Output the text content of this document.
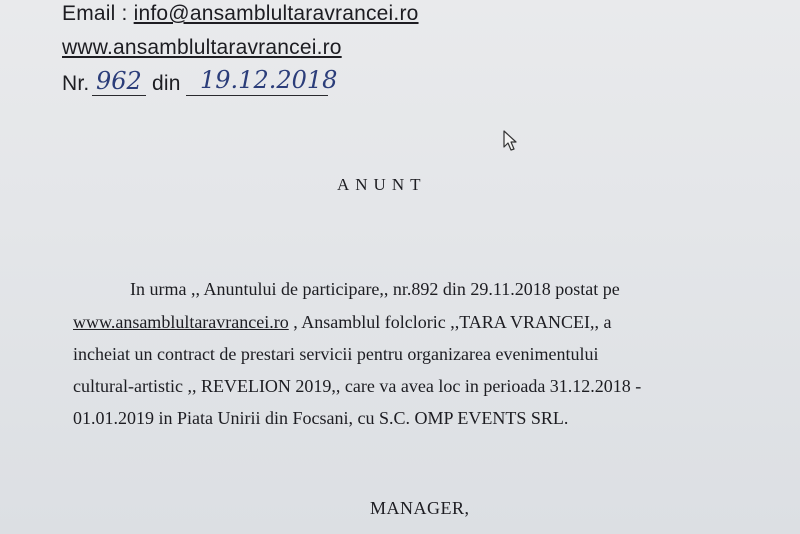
Email : info@ansamblultaravrancei.ro
www.ansamblultaravrancei.ro
Nr. 962 din 19.12.2018
ANUNT
In urma ,, Anuntului de participare,, nr.892 din 29.11.2018 postat pe
www.ansamblultaravrancei.ro , Ansamblul folcloric ,,TARA VRANCEI,, a
incheiat un contract de prestari servicii pentru organizarea evenimentului
cultural-artistic ,, REVELION 2019,, care va avea loc in perioada 31.12.2018 -
01.01.2019 in Piata Unirii din Focsani, cu S.C. OMP EVENTS SRL.
MANAGER,
